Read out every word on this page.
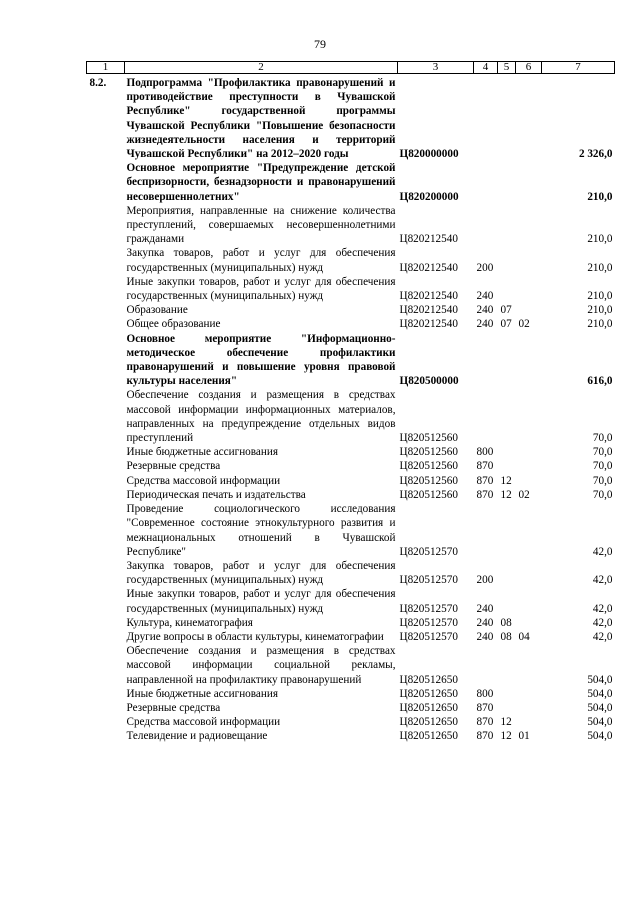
79
1	2	3	4	5	6	7
8.2.	Подпрограмма "Профилактика правонарушений и противодействие преступности в Чувашской Республике" государственной программы Чувашской Республики "Повышение безопасности жизнедеятельности населения и территорий Чувашской Республики" на 2012–2020 годы	Ц820000000				2 326,0
	Основное мероприятие "Предупреждение детской беспризорности, безнадзорности и правонарушений несовершеннолетних"	Ц820200000				210,0
	Мероприятия, направленные на снижение количества преступлений, совершаемых несовершеннолетними гражданами	Ц820212540				210,0
	Закупка товаров, работ и услуг для обеспечения государственных (муниципальных) нужд	Ц820212540	200			210,0
	Иные закупки товаров, работ и услуг для обеспечения государственных (муниципальных) нужд	Ц820212540	240			210,0
	Образование	Ц820212540	240	07		210,0
	Общее образование	Ц820212540	240	07	02	210,0
	Основное мероприятие "Информационно-методическое обеспечение профилактики правонарушений и повышение уровня правовой культуры населения"	Ц820500000				616,0
	Обеспечение создания и размещения в средствах массовой информации информационных материалов, направленных на предупреждение отдельных видов преступлений	Ц820512560				70,0
	Иные бюджетные ассигнования	Ц820512560	800			70,0
	Резервные средства	Ц820512560	870			70,0
	Средства массовой информации	Ц820512560	870	12		70,0
	Периодическая печать и издательства	Ц820512560	870	12	02	70,0
	Проведение социологического исследования "Современное состояние этнокультурного развития и межнациональных отношений в Чувашской Республике"	Ц820512570				42,0
	Закупка товаров, работ и услуг для обеспечения государственных (муниципальных) нужд	Ц820512570	200			42,0
	Иные закупки товаров, работ и услуг для обеспечения государственных (муниципальных) нужд	Ц820512570	240			42,0
	Культура, кинематография	Ц820512570	240	08		42,0
	Другие вопросы в области культуры, кинематографии	Ц820512570	240	08	04	42,0
	Обеспечение создания и размещения в средствах массовой информации социальной рекламы, направленной на профилактику правонарушений	Ц820512650				504,0
	Иные бюджетные ассигнования	Ц820512650	800			504,0
	Резервные средства	Ц820512650	870			504,0
	Средства массовой информации	Ц820512650	870	12		504,0
	Телевидение и радиовещание	Ц820512650	870	12	01	504,0
